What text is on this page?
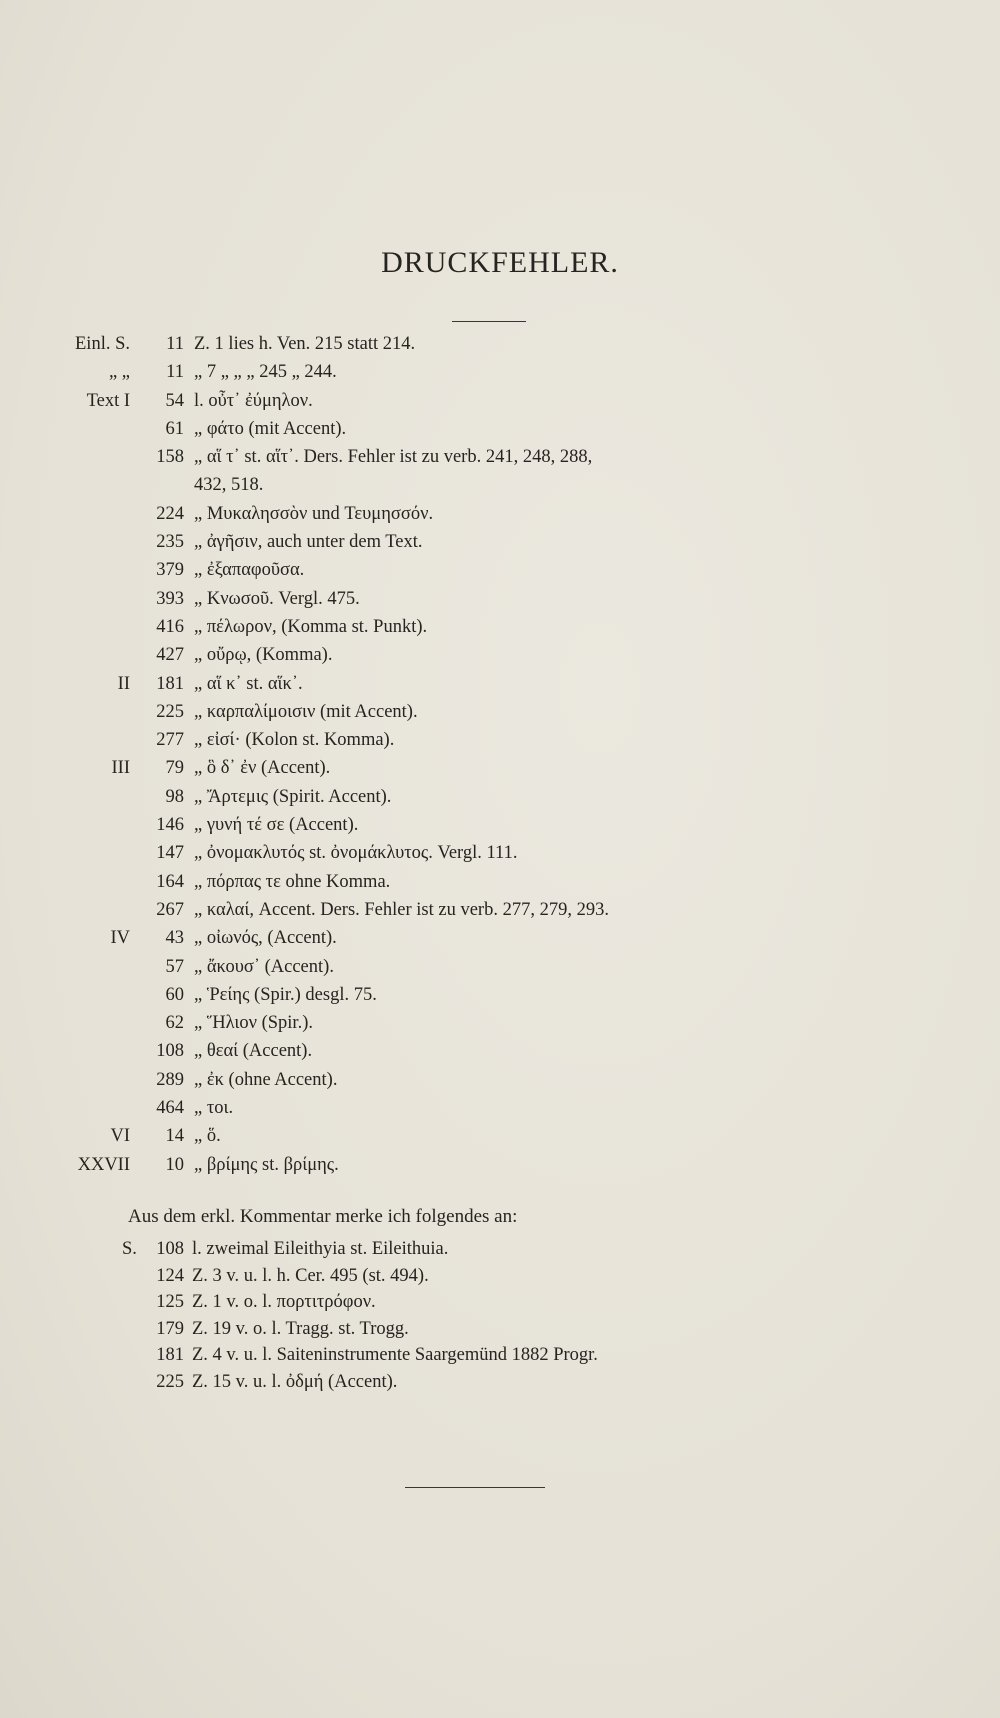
DRUCKFEHLER.
Einl. S.	11		Z. 1 lies h. Ven. 215 statt 214.
„ „	11		„ 7 „ „ „ 245 „ 244.
Text I	54		l. οὖτ᾽ ἐύμηλον.
	61		„ φάτο (mit Accent).
	158		„ αἵ τ᾽ st. αἵτ᾽. Ders. Fehler ist zu verb. 241, 248, 288,
			432, 518.
	224		„ Μυκαλησσὸν und Τευμησσόν.
	235		„ ἀγῆσιν, auch unter dem Text.
	379		„ ἐξαπαφοῦσα.
	393		„ Κνωσοῦ. Vergl. 475.
	416		„ πέλωρον, (Komma st. Punkt).
	427		„ οὔρῳ, (Komma).
II	181		„ αἵ κ᾽ st. αἵκ᾽.
	225		„ καρπαλίμοισιν (mit Accent).
	277		„ εἰσί· (Kolon st. Komma).
III	79		„ ὃ δ᾽ ἐν (Accent).
	98		„ Ἄρτεμις (Spirit. Accent).
	146		„ γυνή τέ σε (Accent).
	147		„ ὀνομακλυτός st. ὀνομάκλυτος. Vergl. 111.
	164		„ πόρπας τε ohne Komma.
	267		„ καλαί, Accent. Ders. Fehler ist zu verb. 277, 279, 293.
IV	43		„ οἰωνός, (Accent).
	57		„ ἄκουσ᾽ (Accent).
	60		„ Ῥείης (Spir.) desgl. 75.
	62		„ Ἥλιον (Spir.).
	108		„ θεαί (Accent).
	289		„ ἐκ (ohne Accent).
	464		„ τοι.
VI	14		„ ὅ.
XXVII	10		„ βρίμης st. βρίμης.
Aus dem erkl. Kommentar merke ich folgendes an:
S.	108	l. zweimal Eileithyia st. Eileithuia.
	124	Z. 3 v. u. l. h. Cer. 495 (st. 494).
	125	Z. 1 v. o. l. πορτιτρόφον.
	179	Z. 19 v. o. l. Tragg. st. Trogg.
	181	Z. 4 v. u. l. Saiteninstrumente Saargemünd 1882 Progr.
	225	Z. 15 v. u. l. ὀδμή (Accent).
